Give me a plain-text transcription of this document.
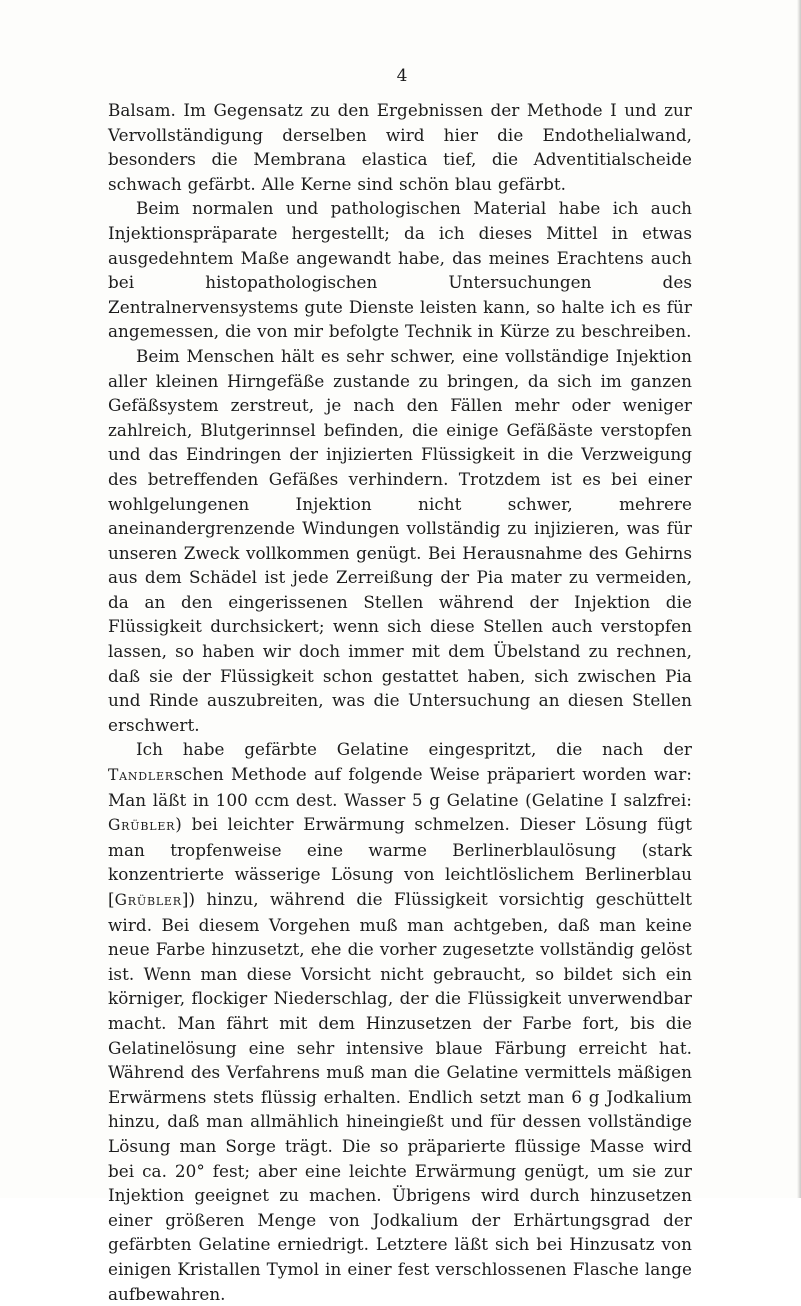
4

Balsam. Im Gegensatz zu den Ergebnissen der Methode I und zur Vervollständigung derselben wird hier die Endothelialwand, besonders die Membrana elastica tief, die Adventitialscheide schwach gefärbt. Alle Kerne sind schön blau gefärbt.

Beim normalen und pathologischen Material habe ich auch Injektionspräparate hergestellt; da ich dieses Mittel in etwas ausgedehntem Maße angewandt habe, das meines Erachtens auch bei histopathologischen Untersuchungen des Zentralnervensystems gute Dienste leisten kann, so halte ich es für angemessen, die von mir befolgte Technik in Kürze zu beschreiben.

Beim Menschen hält es sehr schwer, eine vollständige Injektion aller kleinen Hirngefäße zustande zu bringen, da sich im ganzen Gefäßsystem zerstreut, je nach den Fällen mehr oder weniger zahlreich, Blutgerinnsel befinden, die einige Gefäßäste verstopfen und das Eindringen der injizierten Flüssigkeit in die Verzweigung des betreffenden Gefäßes verhindern. Trotzdem ist es bei einer wohlgelungenen Injektion nicht schwer, mehrere aneinandergrenzende Windungen vollständig zu injizieren, was für unseren Zweck vollkommen genügt. Bei Herausnahme des Gehirns aus dem Schädel ist jede Zerreißung der Pia mater zu vermeiden, da an den eingerissenen Stellen während der Injektion die Flüssigkeit durchsickert; wenn sich diese Stellen auch verstopfen lassen, so haben wir doch immer mit dem Übelstand zu rechnen, daß sie der Flüssigkeit schon gestattet haben, sich zwischen Pia und Rinde auszubreiten, was die Untersuchung an diesen Stellen erschwert.

Ich habe gefärbte Gelatine eingespritzt, die nach der Tandlerschen Methode auf folgende Weise präpariert worden war: Man läßt in 100 ccm dest. Wasser 5 g Gelatine (Gelatine I salzfrei: Grübler) bei leichter Erwärmung schmelzen. Dieser Lösung fügt man tropfenweise eine warme Berlinerblaulösung (stark konzentrierte wässerige Lösung von leichtlöslichem Berlinerblau [Grübler]) hinzu, während die Flüssigkeit vorsichtig geschüttelt wird. Bei diesem Vorgehen muß man achtgeben, daß man keine neue Farbe hinzusetzt, ehe die vorher zugesetzte vollständig gelöst ist. Wenn man diese Vorsicht nicht gebraucht, so bildet sich ein körniger, flockiger Niederschlag, der die Flüssigkeit unverwendbar macht. Man fährt mit dem Hinzusetzen der Farbe fort, bis die Gelatinelösung eine sehr intensive blaue Färbung erreicht hat. Während des Verfahrens muß man die Gelatine vermittels mäßigen Erwärmens stets flüssig erhalten. Endlich setzt man 6 g Jodkalium hinzu, daß man allmählich hineingießt und für dessen vollständige Lösung man Sorge trägt. Die so präparierte flüssige Masse wird bei ca. 20° fest; aber eine leichte Erwärmung genügt, um sie zur Injektion geeignet zu machen. Übrigens wird durch hinzusetzen einer größeren Menge von Jodkalium der Erhärtungsgrad der gefärbten Gelatine erniedrigt. Letztere läßt sich bei Hinzusatz von einigen Kristallen Tymol in einer fest verschlossenen Flasche lange aufbewahren.
